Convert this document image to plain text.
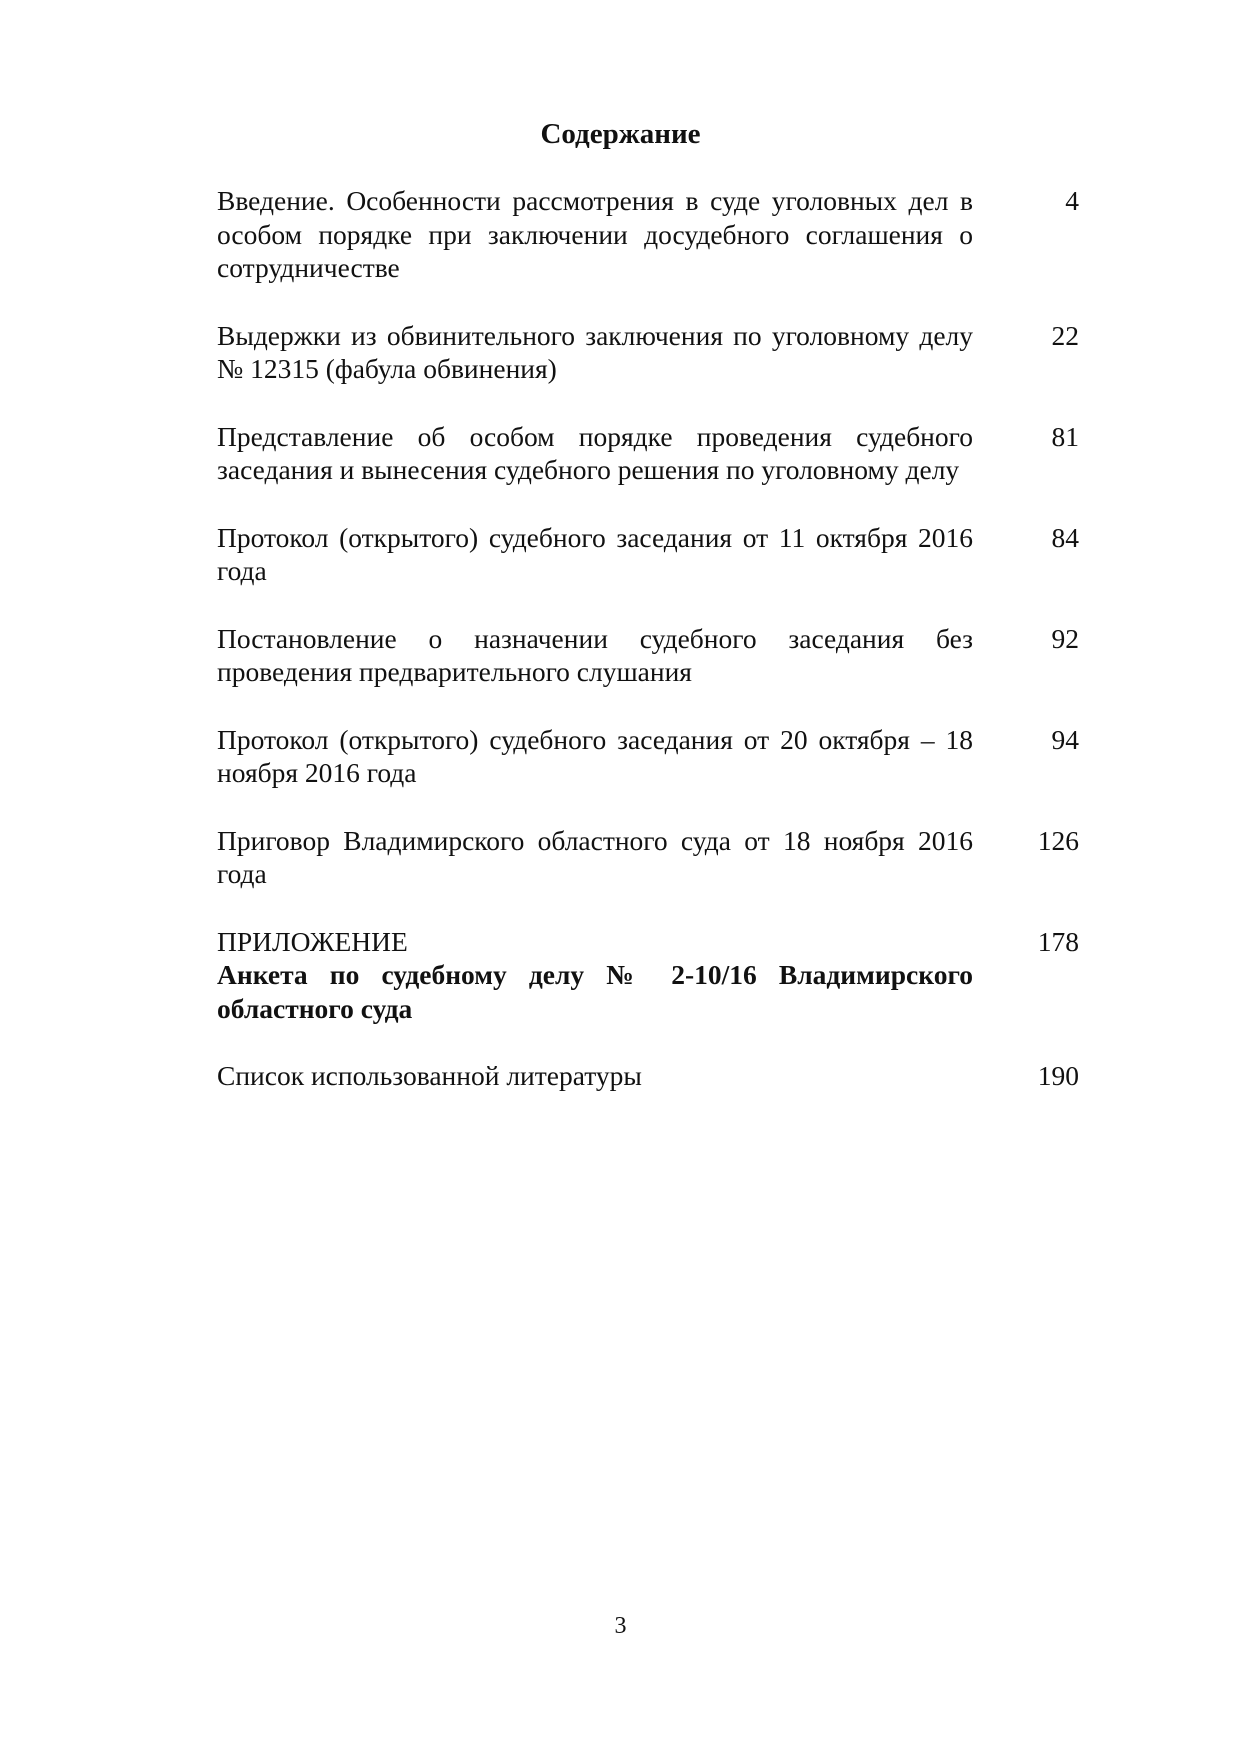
Содержание
Введение. Особенности рассмотрения в суде уголовных дел в особом порядке при заключении досудебного соглашения о сотрудничестве
4
Выдержки из обвинительного заключения по уголовному делу № 12315 (фабула обвинения)
22
Представление об особом порядке проведения судебного заседания и вынесения судебного решения по уголовному делу
81
Протокол (открытого) судебного заседания от 11 октября 2016 года
84
Постановление о назначении судебного заседания без проведения предварительного слушания
92
Протокол (открытого) судебного заседания от 20 октября – 18 ноября 2016 года
94
Приговор Владимирского областного суда от 18 ноября 2016 года
126
ПРИЛОЖЕНИЕ
Анкета по судебному делу № 2-10/16 Владимирского областного суда
178
Список использованной литературы	190
3
